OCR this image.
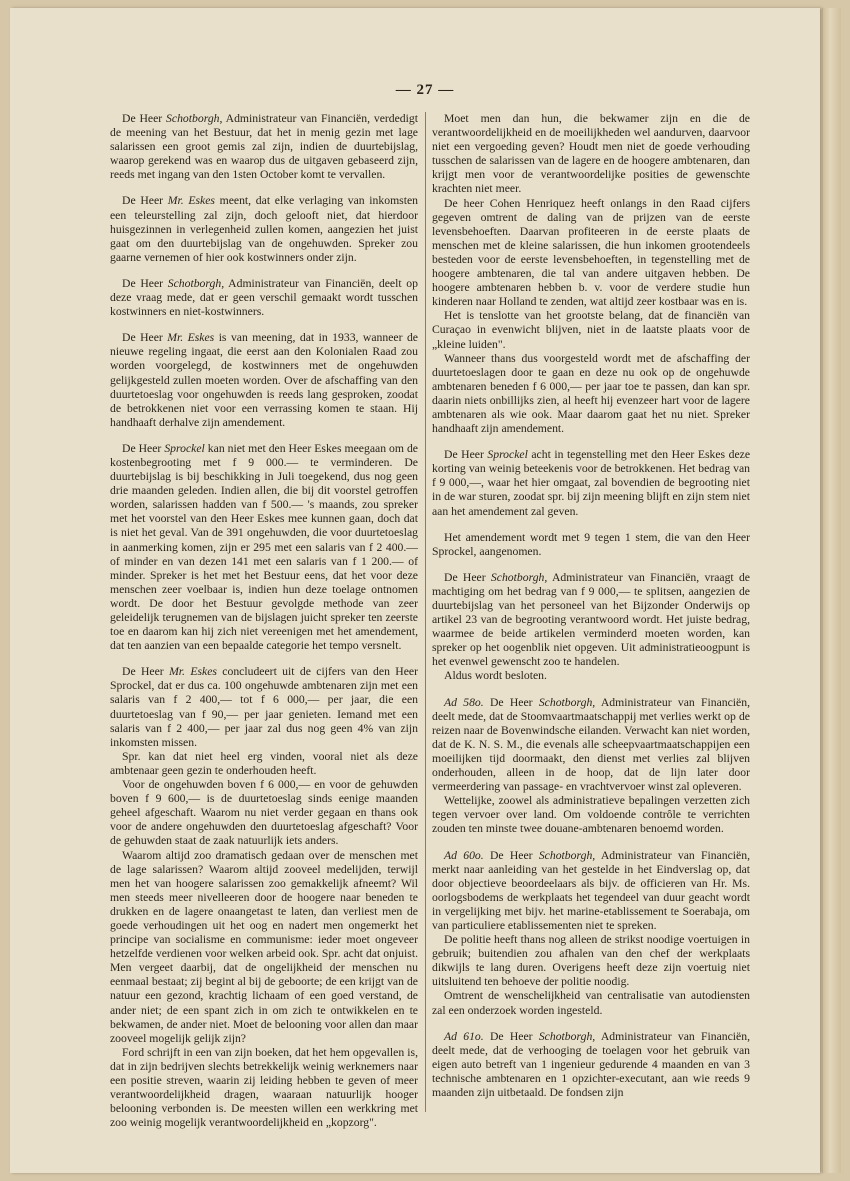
— 27 —

De Heer Schotborgh, Administrateur van Financiën, verdedigt de meening van het Bestuur, dat het in menig gezin met lage salarissen een groot gemis zal zijn, indien de duurtebijslag, waarop gerekend was en waarop dus de uitgaven gebaseerd zijn, reeds met ingang van den 1sten October komt te vervallen.

De Heer Mr. Eskes meent, dat elke verlaging van inkomsten een teleurstelling zal zijn, doch gelooft niet, dat hierdoor huisgezinnen in verlegenheid zullen komen, aangezien het juist gaat om den duurtebijslag van de ongehuwden. Spreker zou gaarne vernemen of hier ook kostwinners onder zijn.

De Heer Schotborgh, Administrateur van Financiën, deelt op deze vraag mede, dat er geen verschil gemaakt wordt tusschen kostwinners en niet-kostwinners.

De Heer Mr. Eskes is van meening, dat in 1933, wanneer de nieuwe regeling ingaat, die eerst aan den Kolonialen Raad zou worden voorgelegd, de kostwinners met de ongehuwden gelijkgesteld zullen moeten worden. Over de afschaffing van den duurtetoeslag voor ongehuwden is reeds lang gesproken, zoodat de betrokkenen niet voor een verrassing komen te staan. Hij handhaaft derhalve zijn amendement.

De Heer Sprockel kan niet met den Heer Eskes meegaan om de kostenbegrooting met f 9 000.— te verminderen. De duurtebijslag is bij beschikking in Juli toegekend, dus nog geen drie maanden geleden. Indien allen, die bij dit voorstel getroffen worden, salarissen hadden van f 500.— 's maands, zou spreker met het voorstel van den Heer Eskes mee kunnen gaan, doch dat is niet het geval. Van de 391 ongehuwden, die voor duurtetoeslag in aanmerking komen, zijn er 295 met een salaris van f 2 400.— of minder en van dezen 141 met een salaris van f 1 200.— of minder. Spreker is het met het Bestuur eens, dat het voor deze menschen zeer voelbaar is, indien hun deze toelage ontnomen wordt. De door het Bestuur gevolgde methode van zeer geleidelijk terugnemen van de bijslagen juicht spreker ten zeerste toe en daarom kan hij zich niet vereenigen met het amendement, dat ten aanzien van een bepaalde categorie het tempo versnelt.

De Heer Mr. Eskes concludeert uit de cijfers van den Heer Sprockel, dat er dus ca. 100 ongehuwde ambtenaren zijn met een salaris van f 2 400,— tot f 6 000,— per jaar, die een duurtetoeslag van f 90,— per jaar genieten. Iemand met een salaris van f 2 400,— per jaar zal dus nog geen 4% van zijn inkomsten missen.

Spr. kan dat niet heel erg vinden, vooral niet als deze ambtenaar geen gezin te onderhouden heeft.

Voor de ongehuwden boven f 6 000,— en voor de gehuwden boven f 9 600,— is de duurtetoeslag sinds eenige maanden geheel afgeschaft. Waarom nu niet verder gegaan en thans ook voor de andere ongehuwden den duurtetoeslag afgeschaft? Voor de gehuwden staat de zaak natuurlijk iets anders.

Waarom altijd zoo dramatisch gedaan over de menschen met de lage salarissen? Waarom altijd zooveel medelijden, terwijl men het van hoogere salarissen zoo gemakkelijk afneemt? Wil men steeds meer nivelleeren door de hoogere naar beneden te drukken en de lagere onaangetast te laten, dan verliest men de goede verhoudingen uit het oog en nadert men ongemerkt het principe van socialisme en communisme: ieder moet ongeveer hetzelfde verdienen voor welken arbeid ook. Spr. acht dat onjuist. Men vergeet daarbij, dat de ongelijkheid der menschen nu eenmaal bestaat; zij begint al bij de geboorte; de een krijgt van de natuur een gezond, krachtig lichaam of een goed verstand, de ander niet; de een spant zich in om zich te ontwikkelen en te bekwamen, de ander niet. Moet de belooning voor allen dan maar zooveel mogelijk gelijk zijn?

Ford schrijft in een van zijn boeken, dat het hem opgevallen is, dat in zijn bedrijven slechts betrekkelijk weinig werknemers naar een positie streven, waarin zij leiding hebben te geven of meer verantwoordelijkheid dragen, waaraan natuurlijk hooger belooning verbonden is. De meesten willen een werkkring met zoo weinig mogelijk verantwoordelijkheid en „kopzorg".

Moet men dan hun, die bekwamer zijn en die de verantwoordelijkheid en de moeilijkheden wel aandurven, daarvoor niet een vergoeding geven? Houdt men niet de goede verhouding tusschen de salarissen van de lagere en de hoogere ambtenaren, dan krijgt men voor de verantwoordelijke posities de gewenschte krachten niet meer.

De heer Cohen Henriquez heeft onlangs in den Raad cijfers gegeven omtrent de daling van de prijzen van de eerste levensbehoeften. Daarvan profiteeren in de eerste plaats de menschen met de kleine salarissen, die hun inkomen grootendeels besteden voor de eerste levensbehoeften, in tegenstelling met de hoogere ambtenaren, die tal van andere uitgaven hebben. De hoogere ambtenaren hebben b. v. voor de verdere studie hun kinderen naar Holland te zenden, wat altijd zeer kostbaar was en is.

Het is tenslotte van het grootste belang, dat de financiën van Curaçao in evenwicht blijven, niet in de laatste plaats voor de „kleine luiden".

Wanneer thans dus voorgesteld wordt met de afschaffing der duurtetoeslagen door te gaan en deze nu ook op de ongehuwde ambtenaren beneden f 6 000,— per jaar toe te passen, dan kan spr. daarin niets onbillijks zien, al heeft hij evenzeer hart voor de lagere ambtenaren als wie ook. Maar daarom gaat het nu niet. Spreker handhaaft zijn amendement.

De Heer Sprockel acht in tegenstelling met den Heer Eskes deze korting van weinig beteekenis voor de betrokkenen. Het bedrag van f 9 000,—, waar het hier omgaat, zal bovendien de begrooting niet in de war sturen, zoodat spr. bij zijn meening blijft en zijn stem niet aan het amendement zal geven.

Het amendement wordt met 9 tegen 1 stem, die van den Heer Sprockel, aangenomen.

De Heer Schotborgh, Administrateur van Financiën, vraagt de machtiging om het bedrag van f 9 000,— te splitsen, aangezien de duurtebijslag van het personeel van het Bijzonder Onderwijs op artikel 23 van de begrooting verantwoord wordt. Het juiste bedrag, waarmee de beide artikelen verminderd moeten worden, kan spreker op het oogenblik niet opgeven. Uit administratieoogpunt is het evenwel gewenscht zoo te handelen.

Aldus wordt besloten.

Ad 58o. De Heer Schotborgh, Administrateur van Financiën, deelt mede, dat de Stoomvaartmaatschappij met verlies werkt op de reizen naar de Bovenwindsche eilanden. Verwacht kan niet worden, dat de K. N. S. M., die evenals alle scheepvaartmaatschappijen een moeilijken tijd doormaakt, den dienst met verlies zal blijven onderhouden, alleen in de hoop, dat de lijn later door vermeerdering van passage- en vrachtvervoer winst zal opleveren.

Wettelijke, zoowel als administratieve bepalingen verzetten zich tegen vervoer over land. Om voldoende contrôle te verrichten zouden ten minste twee douane-ambtenaren benoemd worden.

Ad 60o. De Heer Schotborgh, Administrateur van Financiën, merkt naar aanleiding van het gestelde in het Eindverslag op, dat door objectieve beoordeelaars als bijv. de officieren van Hr. Ms. oorlogsbodems de werkplaats het tegendeel van duur geacht wordt in vergelijking met bijv. het marine-etablissement te Soerabaja, om van particuliere etablissementen niet te spreken.

De politie heeft thans nog alleen de strikst noodige voertuigen in gebruik; buitendien zou afhalen van den chef der werkplaats dikwijls te lang duren. Overigens heeft deze zijn voertuig niet uitsluitend ten behoeve der politie noodig.

Omtrent de wenschelijkheid van centralisatie van autodiensten zal een onderzoek worden ingesteld.

Ad 61o. De Heer Schotborgh, Administrateur van Financiën, deelt mede, dat de verhooging de toelagen voor het gebruik van eigen auto betreft van 1 ingenieur gedurende 4 maanden en van 3 technische ambtenaren en 1 opzichter-executant, aan wie reeds 9 maanden zijn uitbetaald. De fondsen zijn
